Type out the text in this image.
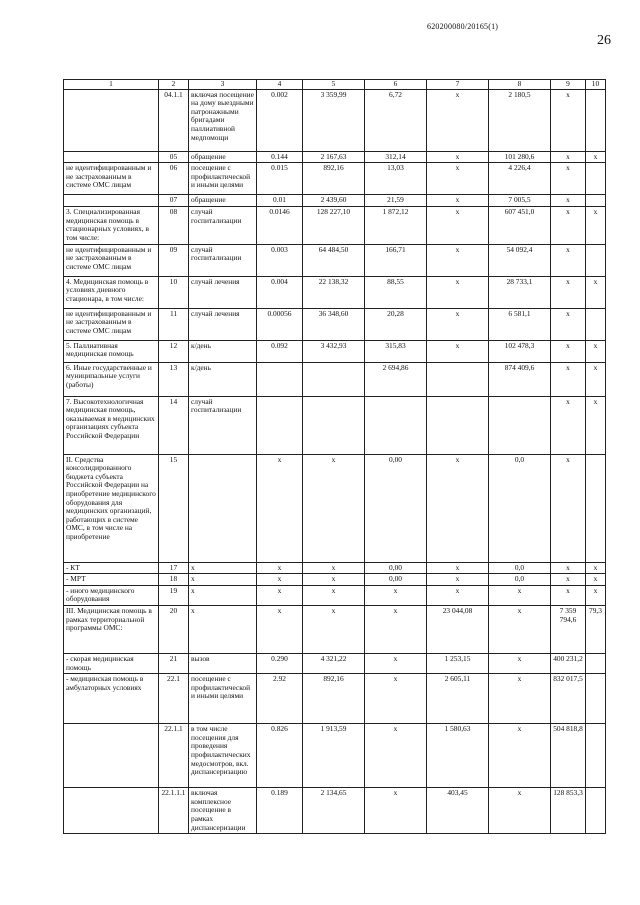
620200080/20165(1)
26
1	2	3	4	5	6	7	8	9	10
	04.1.1	включая посещение на дому выездными патронажными бригадами паллиативной медпомощи	0.002	3 359,99	6,72	х	2 180,5	х	
	05	обращение	0.144	2 167,63	312,14	х	101 280,6	х	х
не идентифицированным и не застрахованным в системе ОМС лицам	06	посещение с профилактической и иными целями	0.015	892,16	13,03	х	4 226,4	х	
	07	обращение	0.01	2 439,60	21,59	х	7 005,5	х	
3. Специализированная медицинская помощь в стационарных условиях, в том числе:	08	случай госпитализации	0.0146	128 227,10	1 872,12	х	607 451,0	х	х
не идентифицированным и не застрахованным в системе ОМС лицам	09	случай госпитализации	0.003	64 484,50	166,71	х	54 092,4	х	
4. Медицинская помощь в условиях дневного стационара, в том числе:	10	случай лечения	0.004	22 138,32	88,55	х	28 733,1	х	х
не идентифицированным и не застрахованным в системе ОМС лицам	11	случай лечения	0.00056	36 348,60	20,28	х	6 581,1	х	
5. Паллиативная медицинская помощь	12	к/день	0.092	3 432,93	315,83	х	102 478,3	х	х
6. Иные государственные и муниципальные услуги (работы)	13	к/день			2 694,86		874 409,6	х	х
7. Высокотехнологичная медицинская помощь, оказываемая в медицинских организациях субъекта Российской Федерации	14	случай госпитализации						х	х
II. Средства консолидированного бюджета субъекта Российской Федерации на приобретение медицинского оборудования для медицинских организаций, работающих в системе ОМС, в том числе на приобретение	15		х	х	0,00	х	0,0	х	
- КТ	17	х	х	х	0,00	х	0,0	х	х
- МРТ	18	х	х	х	0,00	х	0,0	х	х
- иного медицинского оборудования	19	х	х	х	х	х	х	х	х
III. Медицинская помощь в рамках территориальной программы ОМС:	20	х	х	х	х	23 044,08	х	7 359 794,6	79,3
- скорая медицинская помощь	21	вызов	0.290	4 321,22	х	1 253,15	х	400 231,2	
- медицинская помощь в амбулаторных условиях	22.1	посещение с профилактической и иными целями	2.92	892,16	х	2 605,11	х	832 017,5	
	22.1.1	в том числе посещения для проведения профилактических медосмотров, вкл. диспансеризацию	0.826	1 913,59	х	1 580,63	х	504 818,8	
	22.1.1.1	включая комплексное посещение в рамках диспансеризации	0.189	2 134,65	х	403,45	х	128 853,3	
